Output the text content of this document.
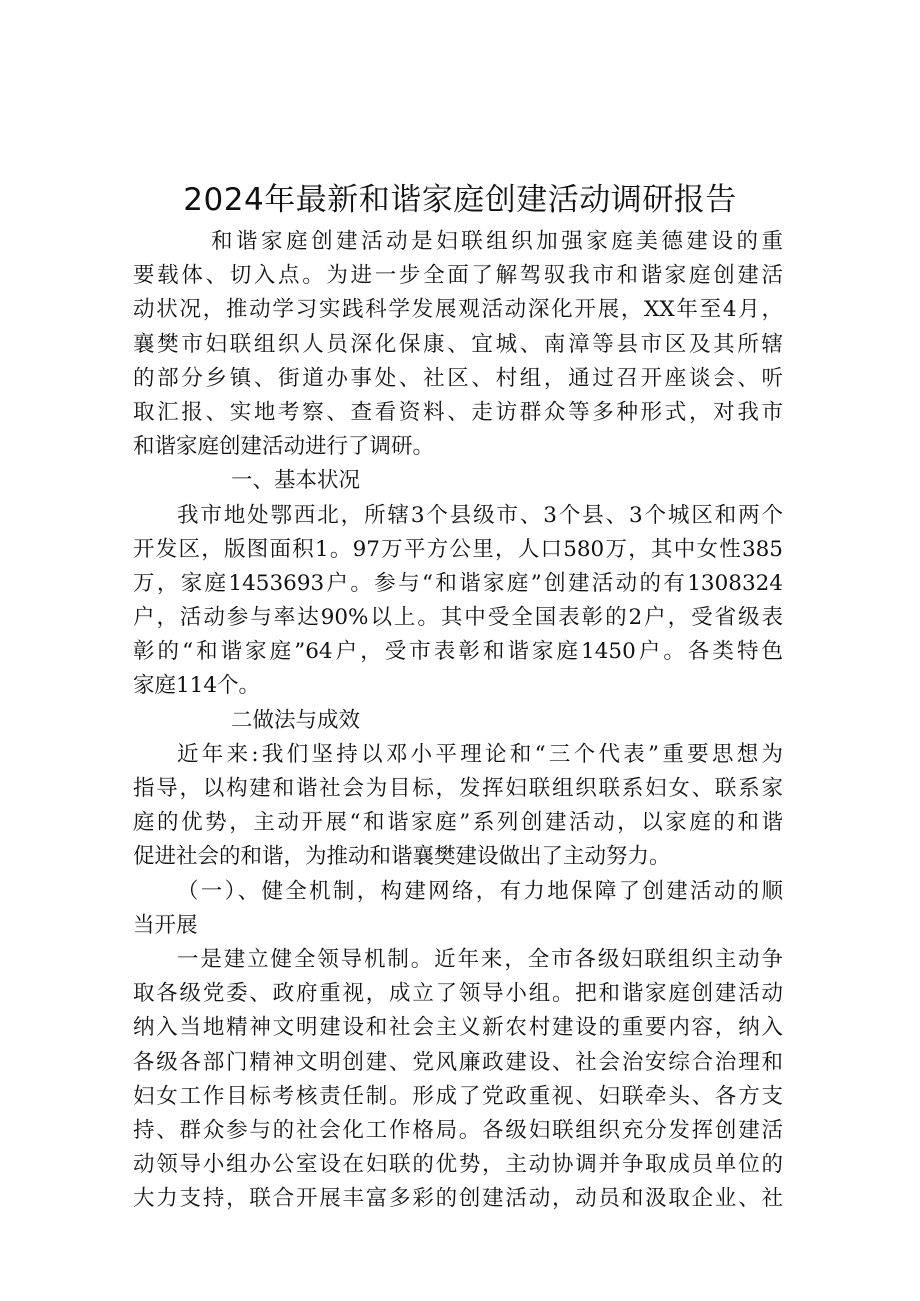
2024年最新和谐家庭创建活动调研报告
和谐家庭创建活动是妇联组织加强家庭美德建设的重
要载体、切入点。为进一步全面了解驾驭我市和谐家庭创建活
动状况，推动学习实践科学发展观活动深化开展，XX年至4月，
襄樊市妇联组织人员深化保康、宜城、南漳等县市区及其所辖
的部分乡镇、街道办事处、社区、村组，通过召开座谈会、听
取汇报、实地考察、查看资料、走访群众等多种形式，对我市
和谐家庭创建活动进行了调研。
一、基本状况
我市地处鄂西北，所辖3个县级市、3个县、3个城区和两个
开发区，版图面积1。97万平方公里，人口580万，其中女性385
万，家庭1453693户。参与“和谐家庭”创建活动的有1308324
户，活动参与率达90%以上。其中受全国表彰的2户，受省级表
彰的“和谐家庭”64户，受市表彰和谐家庭1450户。各类特色
家庭114个。
二做法与成效
近年来:我们坚持以邓小平理论和“三个代表”重要思想为
指导，以构建和谐社会为目标，发挥妇联组织联系妇女、联系家
庭的优势，主动开展“和谐家庭”系列创建活动，以家庭的和谐
促进社会的和谐，为推动和谐襄樊建设做出了主动努力。
（一）、健全机制，构建网络，有力地保障了创建活动的顺
当开展
一是建立健全领导机制。近年来，全市各级妇联组织主动争
取各级党委、政府重视，成立了领导小组。把和谐家庭创建活动
纳入当地精神文明建设和社会主义新农村建设的重要内容，纳入
各级各部门精神文明创建、党风廉政建设、社会治安综合治理和
妇女工作目标考核责任制。形成了党政重视、妇联牵头、各方支
持、群众参与的社会化工作格局。各级妇联组织充分发挥创建活
动领导小组办公室设在妇联的优势，主动协调并争取成员单位的
大力支持，联合开展丰富多彩的创建活动，动员和汲取企业、社
